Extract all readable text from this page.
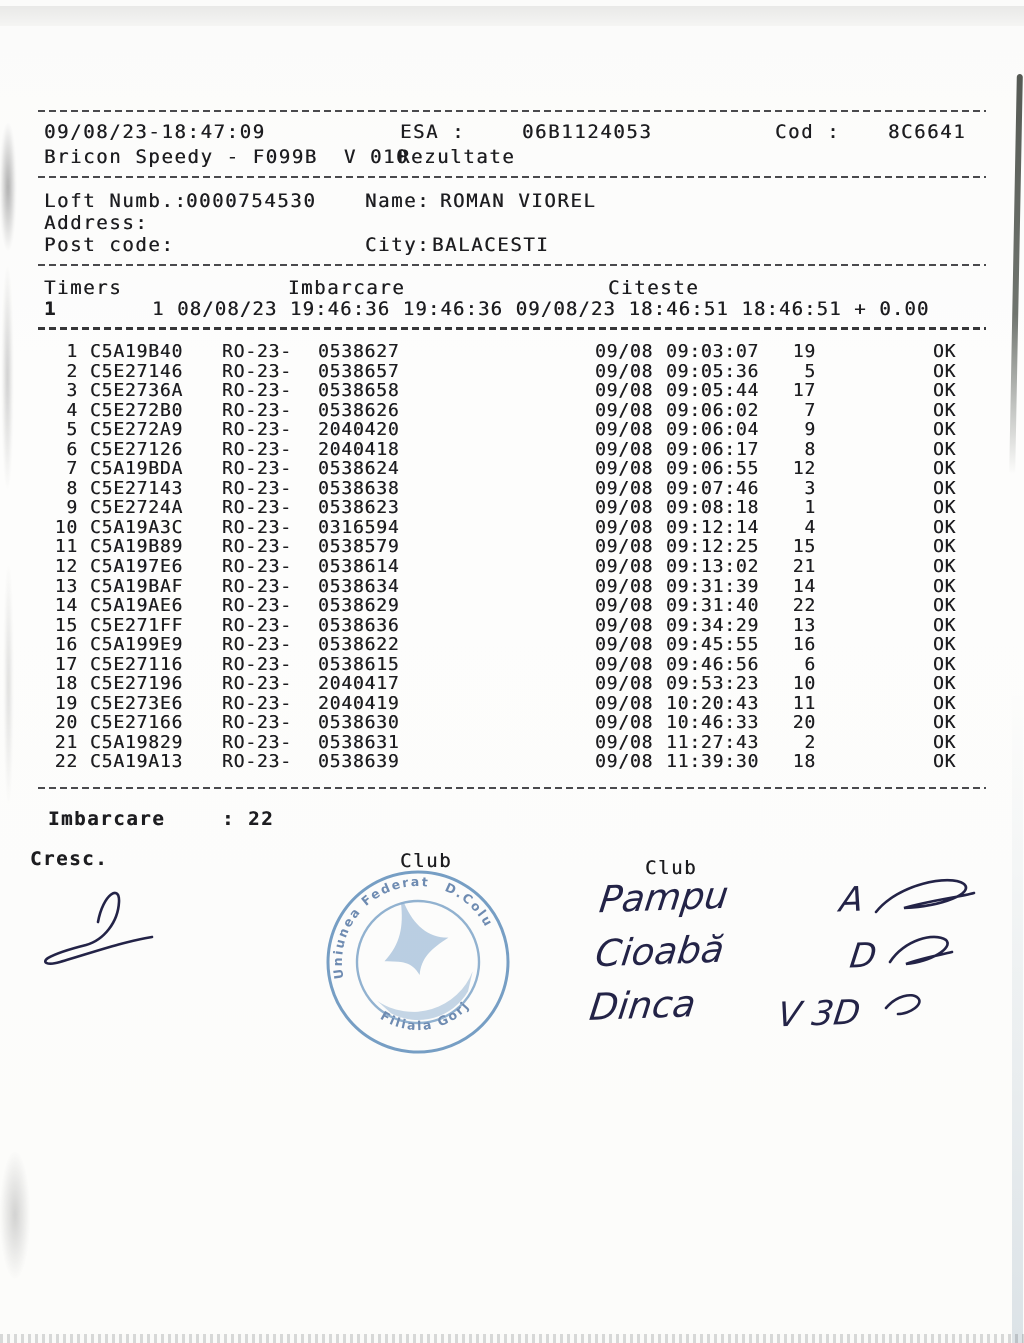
09/08/23-18:47:09	ESA :	06B1124053	Cod :	8C6641
Bricon Speedy - F099B  V 010
Rezultate
Loft Numb.:
0000754530	Name: ROMAN VIOREL
Address:
Post code:	City: BALACESTI
Timers	Imbarcare	Citeste
1	1 08/08/23 19:46:36 19:46:36 09/08/23 18:46:51 18:46:51 + 0.00
1 C5A19B40 RO-23- 0538627	09/08 09:03:07	19	OK
2 C5E27146 RO-23- 0538657	09/08 09:05:36	5	OK
3 C5E2736A RO-23- 0538658	09/08 09:05:44	17	OK
4 C5E272B0 RO-23- 0538626	09/08 09:06:02	7	OK
5 C5E272A9 RO-23- 2040420	09/08 09:06:04	9	OK
6 C5E27126 RO-23- 2040418	09/08 09:06:17	8	OK
7 C5A19BDA RO-23- 0538624	09/08 09:06:55	12	OK
8 C5E27143 RO-23- 0538638	09/08 09:07:46	3	OK
9 C5E2724A RO-23- 0538623	09/08 09:08:18	1	OK
10 C5A19A3C RO-23- 0316594	09/08 09:12:14	4	OK
11 C5A19B89 RO-23- 0538579	09/08 09:12:25	15	OK
12 C5A197E6 RO-23- 0538614	09/08 09:13:02	21	OK
13 C5A19BAF RO-23- 0538634	09/08 09:31:39	14	OK
14 C5A19AE6 RO-23- 0538629	09/08 09:31:40	22	OK
15 C5E271FF RO-23- 0538636	09/08 09:34:29	13	OK
16 C5A199E9 RO-23- 0538622	09/08 09:45:55	16	OK
17 C5E27116 RO-23- 0538615	09/08 09:46:56	6	OK
18 C5E27196 RO-23- 2040417	09/08 09:53:23	10	OK
19 C5E273E6 RO-23- 2040419	09/08 10:20:43	11	OK
20 C5E27166 RO-23- 0538630	09/08 10:46:33	20	OK
21 C5A19829 RO-23- 0538631	09/08 11:27:43	2	OK
22 C5A19A13 RO-23- 0538639	09/08 11:39:30	18	OK
Imbarcare	: 22
Cresc.	Club	Club
Pampu	A
Cioabă	D
Dinca V 3D
Uniunea Federat D.Colu
Filiala Gorj
